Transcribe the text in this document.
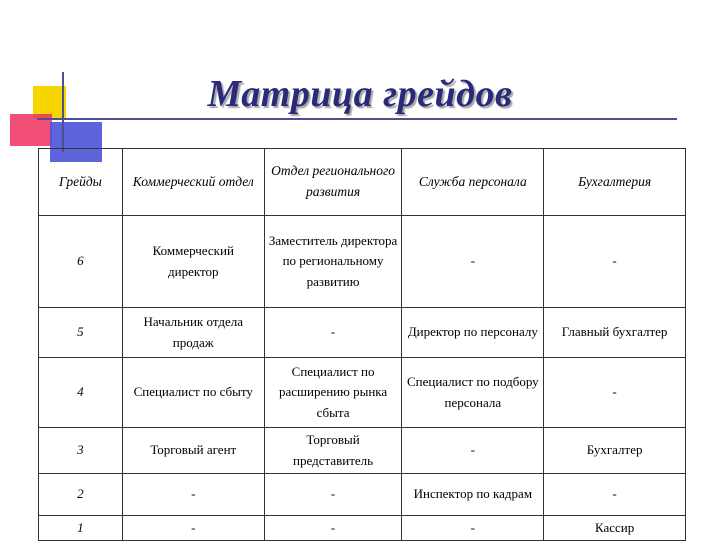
Матрица грейдов
Грейды	Коммерческий отдел	Отдел регионального развития	Служба персонала	Бухгалтерия
6	Коммерческий директор	Заместитель директора по региональному развитию	-	-
5	Начальник отдела продаж	-	Директор по персоналу	Главный бухгалтер
4	Специалист по сбыту	Специалист по расширению рынка сбыта	Специалист по подбору персонала	-
3	Торговый агент	Торговый представитель	-	Бухгалтер
2	-	-	Инспектор по кадрам	-
1	-	-	-	Кассир
